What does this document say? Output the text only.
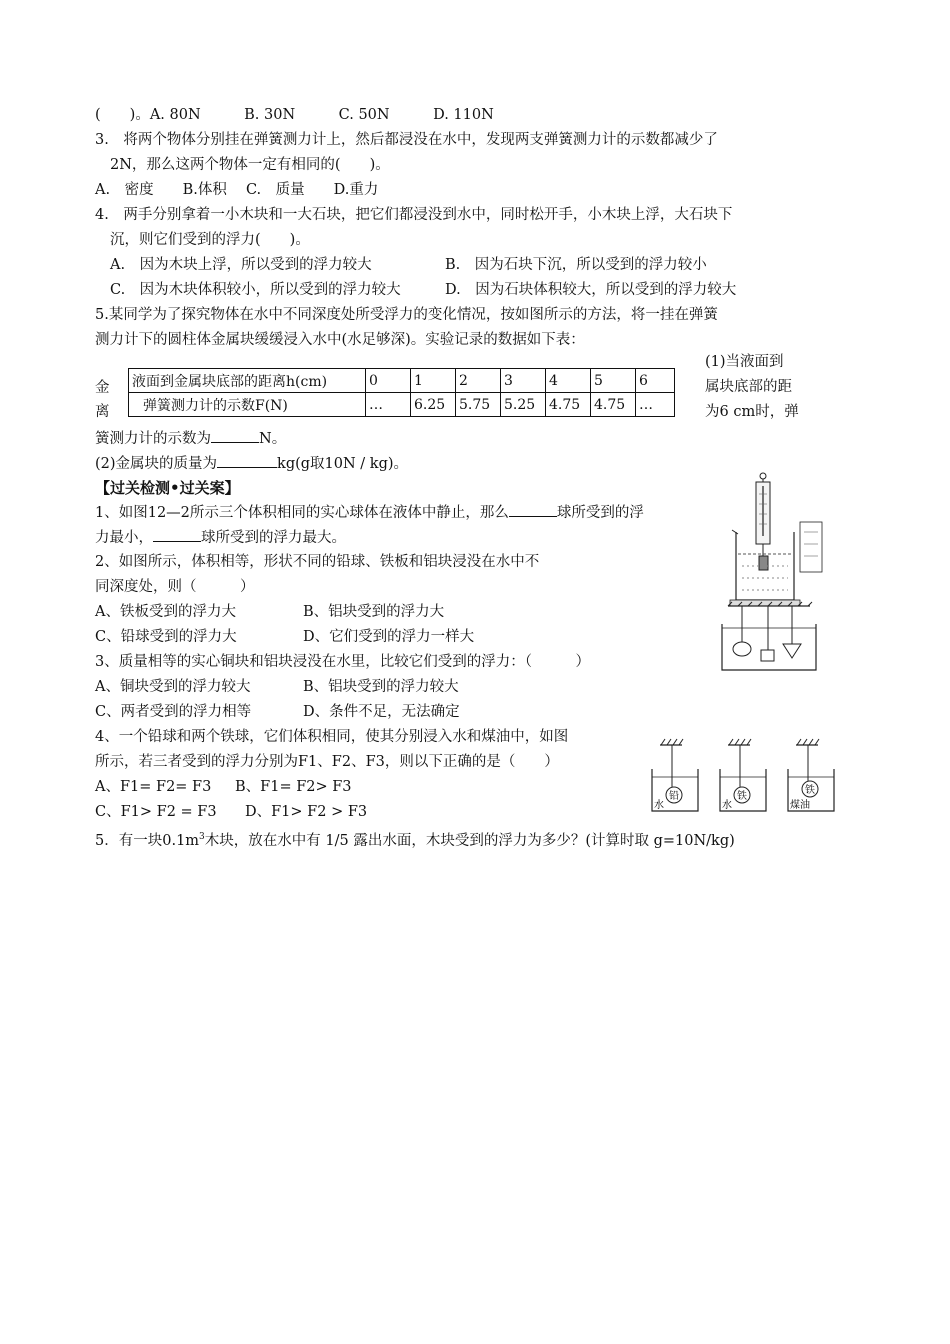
(　　)。A. 80N　　　B. 30N　　　C. 50N　　　D. 110N
3.　将两个物体分别挂在弹簧测力计上，然后都浸没在水中，发现两支弹簧测力计的示数都减少了
2N，那么这两个物体一定有相同的(　　)。
A.　密度　　B.体积　 C.　质量　　D.重力
4.　两手分别拿着一小木块和一大石块，把它们都浸没到水中，同时松开手，小木块上浮，大石块下
沉，则它们受到的浮力(　　)。
A.　因为木块上浮，所以受到的浮力较大	B.　因为石块下沉，所以受到的浮力较小
C.　因为木块体积较小，所以受到的浮力较大	D.　因为石块体积较大，所以受到的浮力较大
5.某同学为了探究物体在水中不同深度处所受浮力的变化情况，按如图所示的方法，将一挂在弹簧
测力计下的圆柱体金属块缓缓浸入水中(水足够深)。实验记录的数据如下表：
金
离
液面到金属块底部的距离h(cm)	0	1	2	3	4	5	6
弹簧测力计的示数F(N)	…	6.25	5.75	5.25	4.75	4.75	…
(1)当液面到
属块底部的距
为6 cm时，弹
簧测力计的示数为	N。
(2)金属块的质量为	kg(g取10N / kg)。
【过关检测•过关案】
1、如图12—2所示三个体积相同的实心球体在液体中静止，那么	球所受到的浮
力最小，	球所受到的浮力最大。
2、如图所示，体积相等，形状不同的铅球、铁板和铝块浸没在水中不
同深度处，则（　　　）
A、铁板受到的浮力大	B、铝块受到的浮力大
C、铅球受到的浮力大	D、它们受到的浮力一样大
3、质量相等的实心铜块和铝块浸没在水里，比较它们受到的浮力：（　　　）
A、铜块受到的浮力较大	B、铝块受到的浮力较大
C、两者受到的浮力相等	D、条件不足，无法确定
4、一个铅球和两个铁球，它们体积相同，使其分别浸入水和煤油中，如图
所示，若三者受到的浮力分别为F1、F2、F3，则以下正确的是（　　）
A、F1= F2= F3 B、F1= F2> F3
C、F1> F2 = F3 D、F1> F2 > F3
5．有一块$0.1m^3$木块，放在水中有 1/5 露出水面，木块受到的浮力为多少？(计算时取 g=10N/kg)
铅
水
铁
水
铁
煤油
